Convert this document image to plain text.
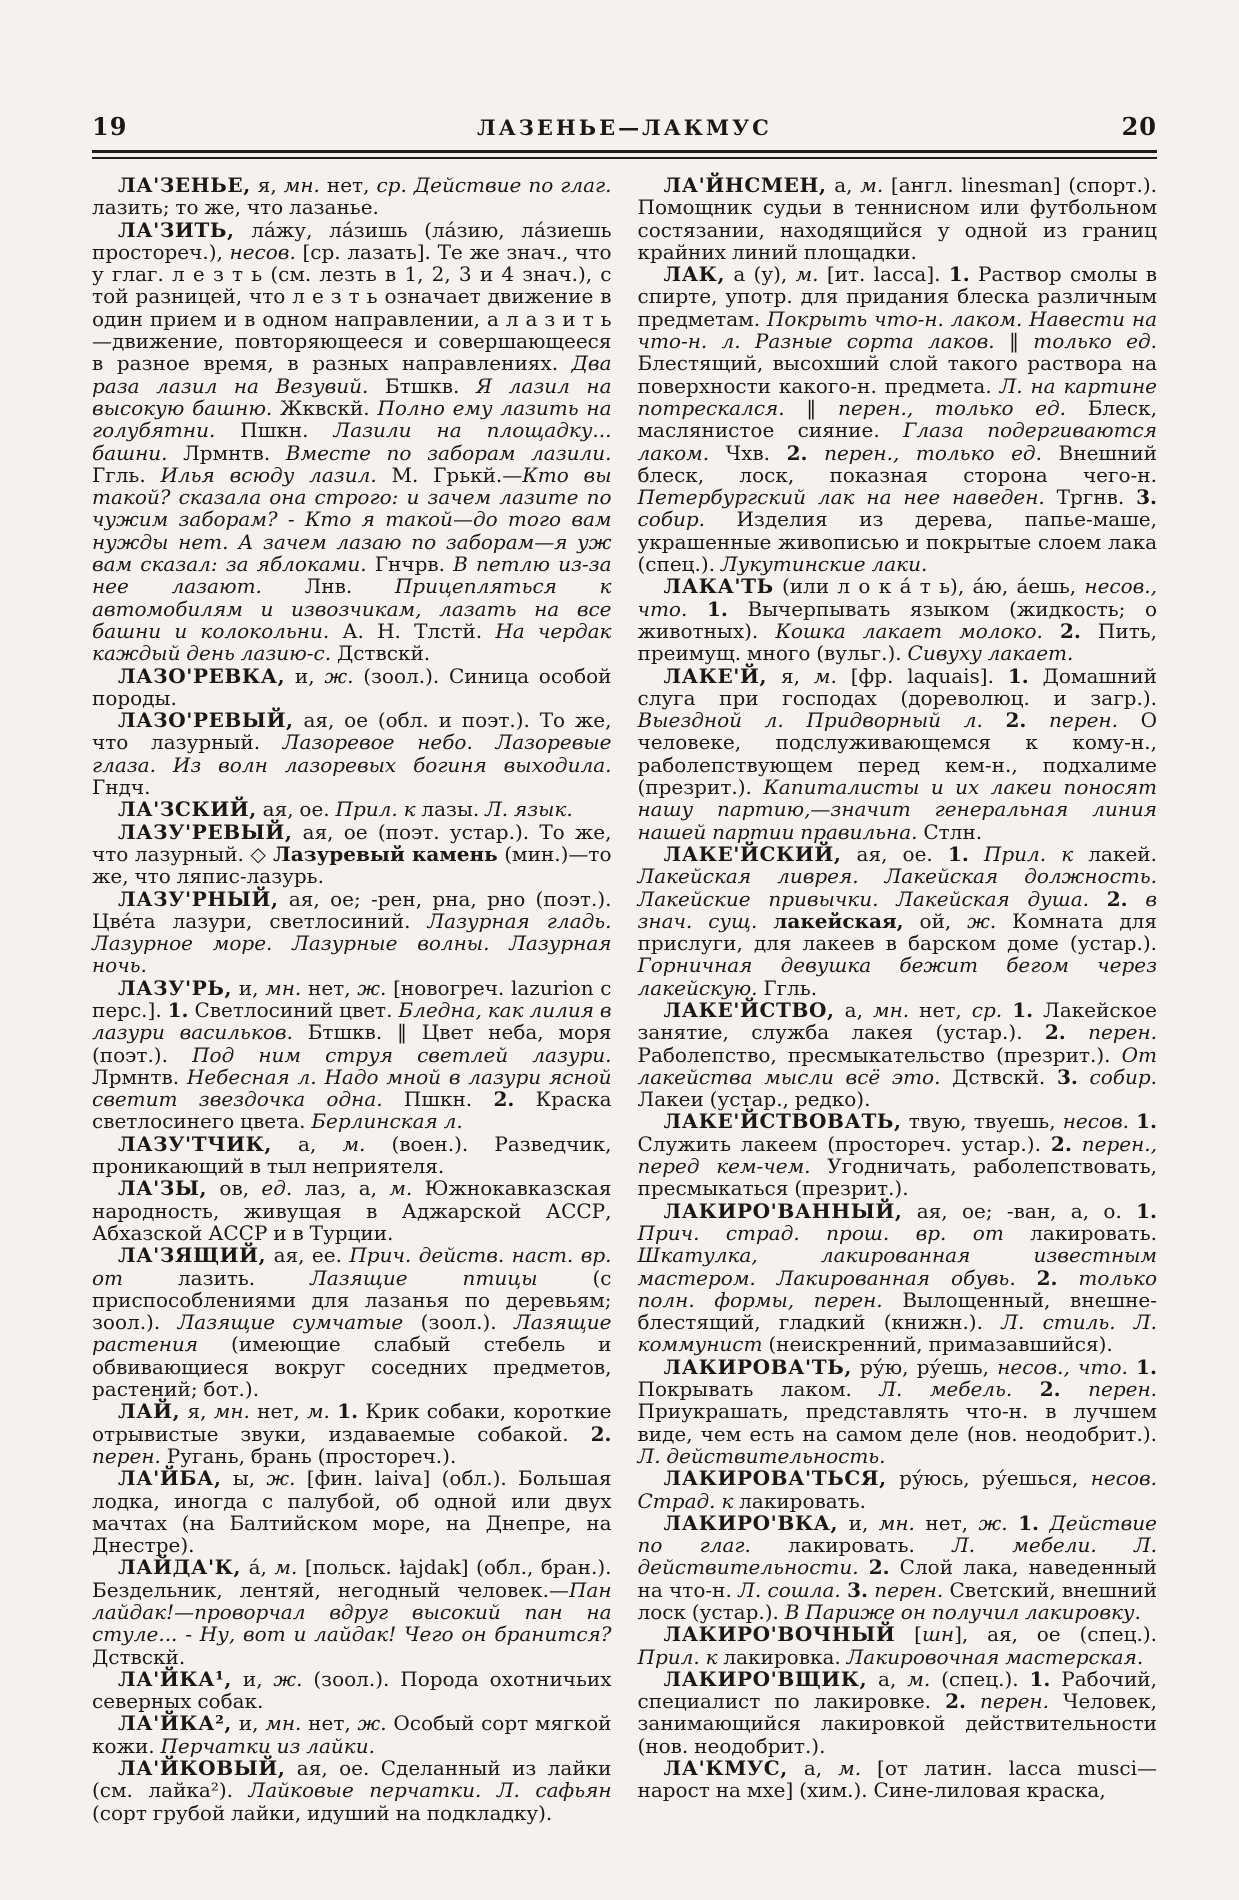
19	ЛАЗЕНЬЕ—ЛАКМУС	20

ЛА'ЗЕНЬЕ, я, мн. нет, ср. Действие по глаг. лазить; то же, что лазанье.

ЛА'ЗИТЬ, ла́жу, ла́зишь (ла́зию, ла́зиешь простореч.), несов. [ср. лазать]. Те же знач., что у глаг. л е з т ь (см. лезть в 1, 2, 3 и 4 знач.), с той разницей, что л е з т ь означает движение в один прием и в одном направлении, а л а з и т ь—движение, повторяющееся и совершающееся в разное время, в разных направлениях. Два раза лазил на Везувий. Бтшкв. Я лазил на высокую башню. Жквскй. Полно ему лазить на голубятни. Пшкн. Лазили на площадку... башни. Лрмнтв. Вместе по заборам лазили. Ггль. Илья всюду лазил. М. Грькй.—Кто вы такой? сказала она строго: и зачем лазите по чужим заборам? - Кто я такой—до того вам нужды нет. А зачем лазаю по заборам—я уж вам сказал: за яблоками. Гнчрв. В петлю из-за нее лазают. Лнв. Прицепляться к автомобилям и извозчикам, лазать на все башни и колокольни. А. Н. Тлстй. На чердак каждый день лазию-с. Дствскй.

ЛАЗО'РЕВКА, и, ж. (зоол.). Синица особой породы.

ЛАЗО'РЕВЫЙ, ая, ое (обл. и поэт.). То же, что лазурный. Лазоревое небо. Лазоревые глаза. Из волн лазоревых богиня выходила. Гндч.

ЛА'ЗСКИЙ, ая, ое. Прил. к лазы. Л. язык.

ЛАЗУ'РЕВЫЙ, ая, ое (поэт. устар.). То же, что лазурный. ◇ Лазуревый камень (мин.)—то же, что ляпис-лазурь.

ЛАЗУ'РНЫЙ, ая, ое; -рен, рна, рно (поэт.). Цве́та лазури, светлосиний. Лазурная гладь. Лазурное море. Лазурные волны. Лазурная ночь.

ЛАЗУ'РЬ, и, мн. нет, ж. [новогреч. lazurion с перс.]. 1. Светлосиний цвет. Бледна, как лилия в лазури васильков. Бтшкв. ‖ Цвет неба, моря (поэт.). Под ним струя светлей лазури. Лрмнтв. Небесная л. Надо мной в лазури ясной светит звездочка одна. Пшкн. 2. Краска светлосинего цвета. Берлинская л.

ЛАЗУ'ТЧИК, а, м. (воен.). Разведчик, проникающий в тыл неприятеля.

ЛА'ЗЫ, ов, ед. лаз, а, м. Южнокавказская народность, живущая в Аджарской АССР, Абхазской АССР и в Турции.

ЛА'ЗЯЩИЙ, ая, ее. Прич. действ. наст. вр. от лазить. Лазящие птицы (с приспособлениями для лазанья по деревьям; зоол.). Лазящие сумчатые (зоол.). Лазящие растения (имеющие слабый стебель и обвивающиеся вокруг соседних предметов, растений; бот.).

ЛАЙ, я, мн. нет, м. 1. Крик собаки, короткие отрывистые звуки, издаваемые собакой. 2. перен. Ругань, брань (простореч.).

ЛА'ЙБА, ы, ж. [фин. laiva] (обл.). Большая лодка, иногда с палубой, об одной или двух мачтах (на Балтийском море, на Днепре, на Днестре).

ЛАЙДА'К, а́, м. [польск. łajdak] (обл., бран.). Бездельник, лентяй, негодный человек.—Пан лайдак!—проворчал вдруг высокий пан на стуле... - Ну, вот и лайдак! Чего он бранится? Дствскй.

ЛА'ЙКА¹, и, ж. (зоол.). Порода охотничьих северных собак.

ЛА'ЙКА², и, мн. нет, ж. Особый сорт мягкой кожи. Перчатки из лайки.

ЛА'ЙКОВЫЙ, ая, ое. Сделанный из лайки (см. лайка²). Лайковые перчатки. Л. сафьян (сорт грубой лайки, идуший на подкладку).

ЛА'ЙНСМЕН, а, м. [англ. linesman] (спорт.). Помощник судьи в теннисном или футбольном состязании, находящийся у одной из границ крайних линий площадки.

ЛАК, а (у), м. [ит. lacca]. 1. Раствор смолы в спирте, употр. для придания блеска различным предметам. Покрыть что-н. лаком. Навести на что-н. л. Разные сорта лаков. ‖ только ед. Блестящий, высохший слой такого раствора на поверхности какого-н. предмета. Л. на картине потрескался. ‖ перен., только ед. Блеск, маслянистое сияние. Глаза подергиваются лаком. Чхв. 2. перен., только ед. Внешний блеск, лоск, показная сторона чего-н. Петербургский лак на нее наведен. Тргнв. 3. собир. Изделия из дерева, папье-маше, украшенные живописью и покрытые слоем лака (спец.). Лукутинские лаки.

ЛАКА'ТЬ (или л о к а́ т ь), а́ю, а́ешь, несов., что. 1. Вычерпывать языком (жидкость; о животных). Кошка лакает молоко. 2. Пить, преимущ. много (вульг.). Сивуху лакает.

ЛАКЕ'Й, я, м. [фр. laquais]. 1. Домашний слуга при господах (дореволюц. и загр.). Выездной л. Придворный л. 2. перен. О человеке, подслуживающемся к кому-н., раболепствующем перед кем-н., подхалиме (презрит.). Капиталисты и их лакеи поносят нашу партию,—значит генеральная линия нашей партии правильна. Стлн.

ЛАКЕ'ЙСКИЙ, ая, ое. 1. Прил. к лакей. Лакейская ливрея. Лакейская должность. Лакейские привычки. Лакейская душа. 2. в знач. сущ. лакейская, ой, ж. Комната для прислуги, для лакеев в барском доме (устар.). Горничная девушка бежит бегом через лакейскую. Ггль.

ЛАКЕ'ЙСТВО, а, мн. нет, ср. 1. Лакейское занятие, служба лакея (устар.). 2. перен. Раболепство, пресмыкательство (презрит.). От лакейства мысли всё это. Дствскй. 3. собир. Лакеи (устар., редко).

ЛАКЕ'ЙСТВОВАТЬ, твую, твуешь, несов. 1. Служить лакеем (простореч. устар.). 2. перен., перед кем-чем. Угодничать, раболепствовать, пресмыкаться (презрит.).

ЛАКИРО'ВАННЫЙ, ая, ое; -ван, а, о. 1. Прич. страд. прош. вр. от лакировать. Шкатулка, лакированная известным мастером. Лакированная обувь. 2. только полн. формы, перен. Вылощенный, внешне-блестящий, гладкий (книжн.). Л. стиль. Л. коммунист (неискренний, примазавшийся).

ЛАКИРОВА'ТЬ, ру́ю, ру́ешь, несов., что. 1. Покрывать лаком. Л. мебель. 2. перен. Приукрашать, представлять что-н. в лучшем виде, чем есть на самом деле (нов. неодобрит.). Л. действительность.

ЛАКИРОВА'ТЬСЯ, ру́юсь, ру́ешься, несов. Страд. к лакировать.

ЛАКИРО'ВКА, и, мн. нет, ж. 1. Действие по глаг. лакировать. Л. мебели. Л. действительности. 2. Слой лака, наведенный на что-н. Л. сошла. 3. перен. Светский, внешний лоск (устар.). В Париже он получил лакировку.

ЛАКИРО'ВОЧНЫЙ [шн], ая, ое (спец.). Прил. к лакировка. Лакировочная мастерская.

ЛАКИРО'ВЩИК, а, м. (спец.). 1. Рабочий, специалист по лакировке. 2. перен. Человек, занимающийся лакировкой действительности (нов. неодобрит.).

ЛА'КМУС, а, м. [от латин. lacca musci—нарост на мхе] (хим.). Сине-лиловая краска,
